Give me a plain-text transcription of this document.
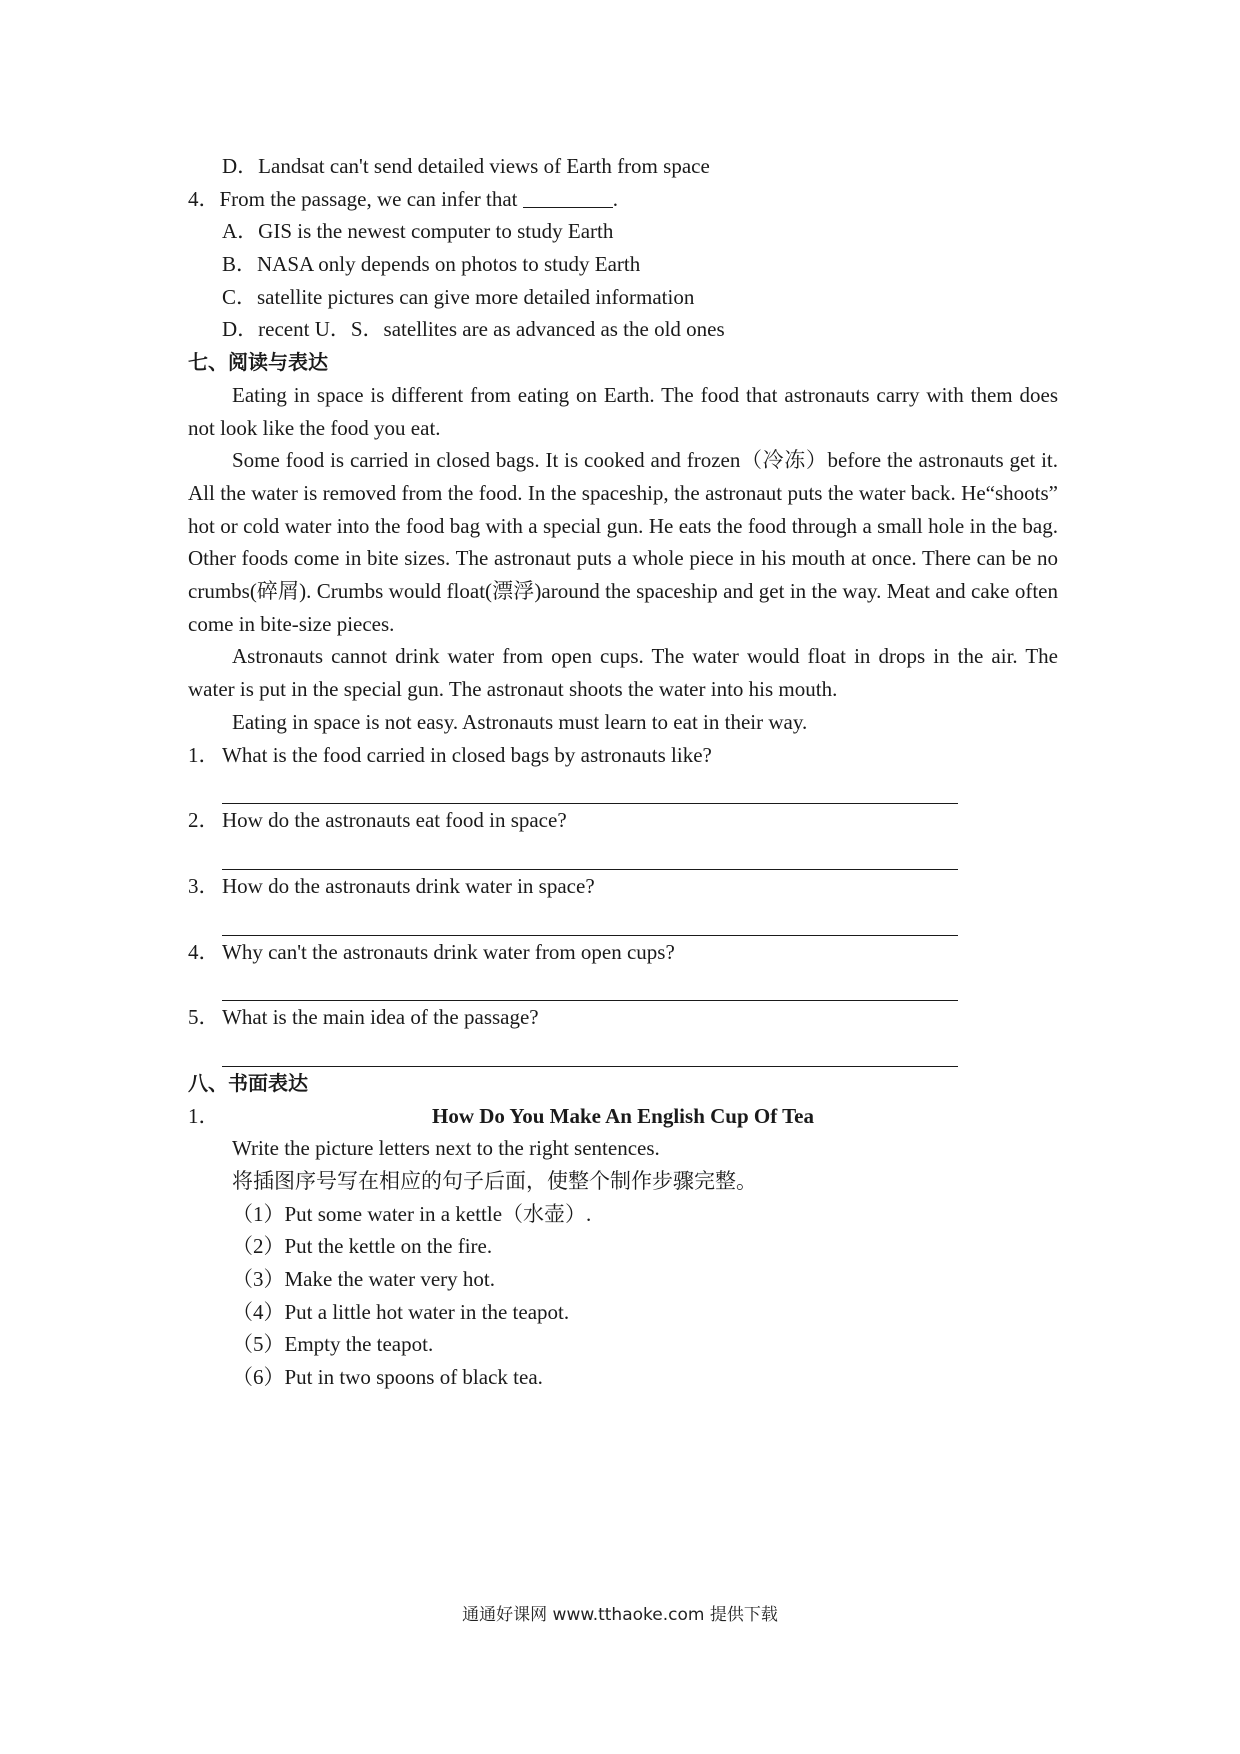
D．Landsat can't send detailed views of Earth from space
4．From the passage, we can infer that	.
A．GIS is the newest computer to study Earth
B．NASA only depends on photos to study Earth
C．satellite pictures can give more detailed information
D．recent U．S．satellites are as advanced as the old ones
七、阅读与表达

Eating in space is different from eating on Earth. The food that astronauts carry with them does not look like the food you eat.

Some food is carried in closed bags. It is cooked and frozen（冷冻）before the astronauts get it. All the water is removed from the food. In the spaceship, the astronaut puts the water back. He“shoots” hot or cold water into the food bag with a special gun. He eats the food through a small hole in the bag. Other foods come in bite sizes. The astronaut puts a whole piece in his mouth at once. There can be no crumbs(碎屑). Crumbs would float(漂浮)around the spaceship and get in the way. Meat and cake often come in bite-size pieces.

Astronauts cannot drink water from open cups. The water would float in drops in the air. The water is put in the special gun. The astronaut shoots the water into his mouth.

Eating in space is not easy. Astronauts must learn to eat in their way.

1． What is the food carried in closed bags by astronauts like?
2． How do the astronauts eat food in space?
3． How do the astronauts drink water in space?
4． Why can't the astronauts drink water from open cups?
5． What is the main idea of the passage?
八、书面表达
1．	How Do You Make An English Cup Of Tea
Write the picture letters next to the right sentences.
将插图序号写在相应的句子后面，使整个制作步骤完整。
（1）Put some water in a kettle（水壶）.
（2）Put the kettle on the fire.
（3）Make the water very hot.
（4）Put a little hot water in the teapot.
（5）Empty the teapot.
（6）Put in two spoons of black tea.
通通好课网 www.tthaoke.com 提供下载
